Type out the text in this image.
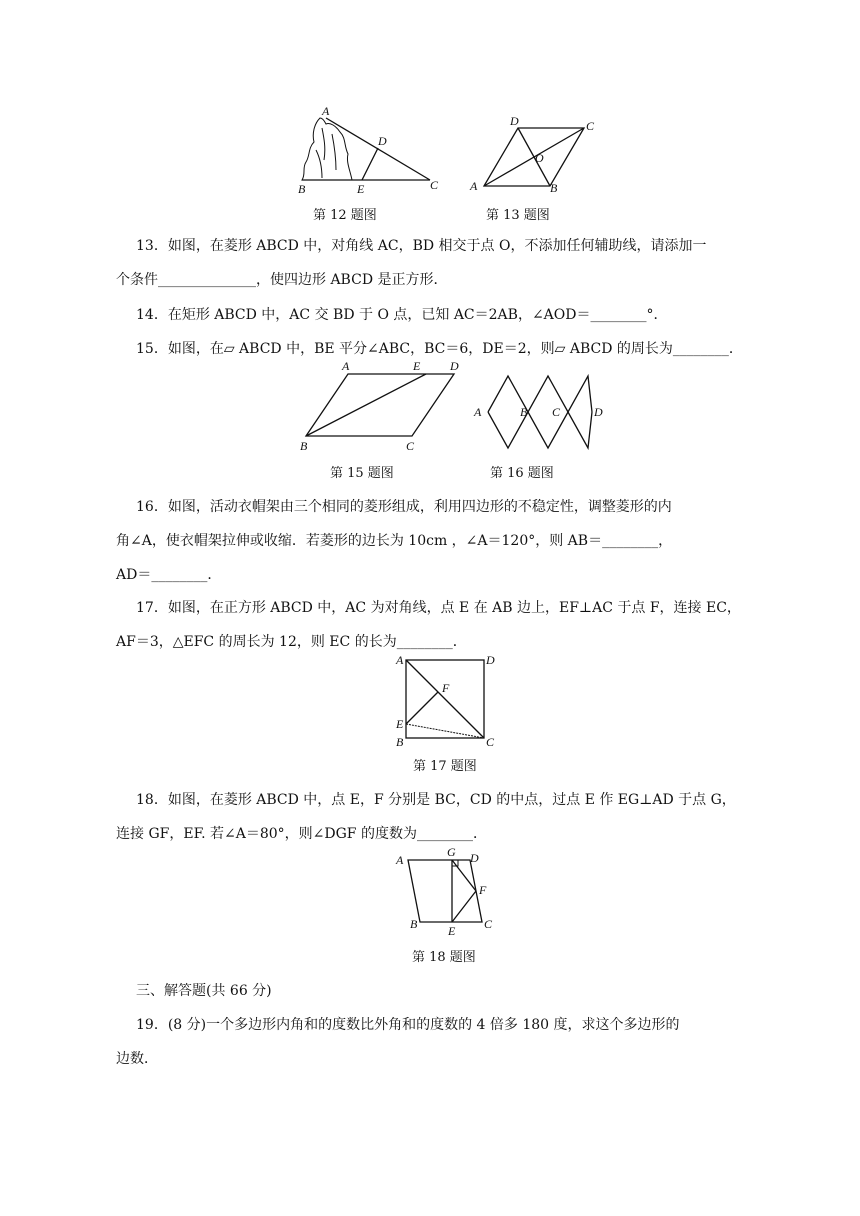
A
D
B	E	C
第 12 题图
D	C
O
A	B
第 13 题图
13．如图，在菱形 ABCD 中，对角线 AC，BD 相交于点 O，不添加任何辅助线，请添加一
个条件______________，使四边形 ABCD 是正方形．
14．在矩形 ABCD 中，AC 交 BD 于 O 点，已知 AC＝2AB，∠AOD＝________°．
15．如图，在▱ ABCD 中，BE 平分∠ABC，BC＝6，DE＝2，则▱ ABCD 的周长为________．
A	E D
B	C
第 15 题图
A	B C	D
第 16 题图
16．如图，活动衣帽架由三个相同的菱形组成，利用四边形的不稳定性，调整菱形的内
角∠A，使衣帽架拉伸或收缩．若菱形的边长为 10cm ，∠A＝120°，则 AB＝________，
AD＝________．
17．如图，在正方形 ABCD 中，AC 为对角线，点 E 在 AB 边上，EF⊥AC 于点 F，连接 EC，
AF＝3，△EFC 的周长为 12，则 EC 的长为________．
A	D
F
E
B	C
第 17 题图
18．如图，在菱形 ABCD 中，点 E，F 分别是 BC，CD 的中点，过点 E 作 EG⊥AD 于点 G，
连接 GF，EF. 若∠A＝80°，则∠DGF 的度数为________．
A
G D
F
B	E C
第 18 题图
三、解答题(共 66 分)
19．(8 分)一个多边形内角和的度数比外角和的度数的 4 倍多 180 度，求这个多边形的
边数．
